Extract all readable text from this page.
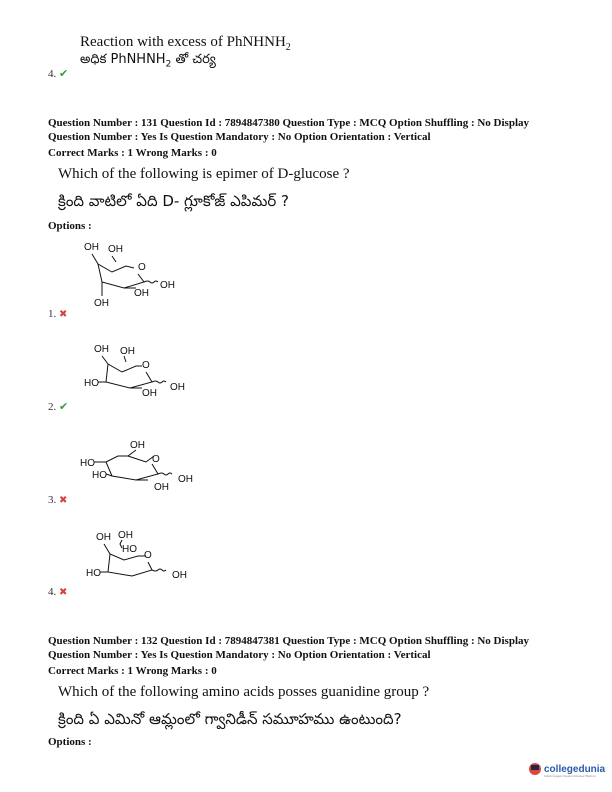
Reaction with excess of PhNHNH$_2$
అధిక PhNHNH$_2$ తో చర్య
4. ✔
Question Number : 131 Question Id : 7894847380 Question Type : MCQ Option Shuffling : No Display
Question Number : Yes Is Question Mandatory : No Option Orientation : Vertical
Correct Marks : 1 Wrong Marks : 0
Which of the following is epimer of D-glucose ?
క్రింది వాటిలో ఏది D- గ్లూకోజ్ ఎపిమర్ ?
Options :
OH OH
O
OH
OH
OH
1. ✖
OH OH
O
HO
OH
OH
2. ✔
OH
O
HO
HO
OH
OH
3. ✖
OH OH
HO
O
HO	OH
4. ✖
Question Number : 132 Question Id : 7894847381 Question Type : MCQ Option Shuffling : No Display
Question Number : Yes Is Question Mandatory : No Option Orientation : Vertical
Correct Marks : 1 Wrong Marks : 0
Which of the following amino acids posses guanidine group ?
క్రింది ఏ ఎమినో ఆమ్లంలో గ్వానిడీన్ సమూహము ఉంటుంది?
Options :
collegedunia
India's largest Student Review Platform
